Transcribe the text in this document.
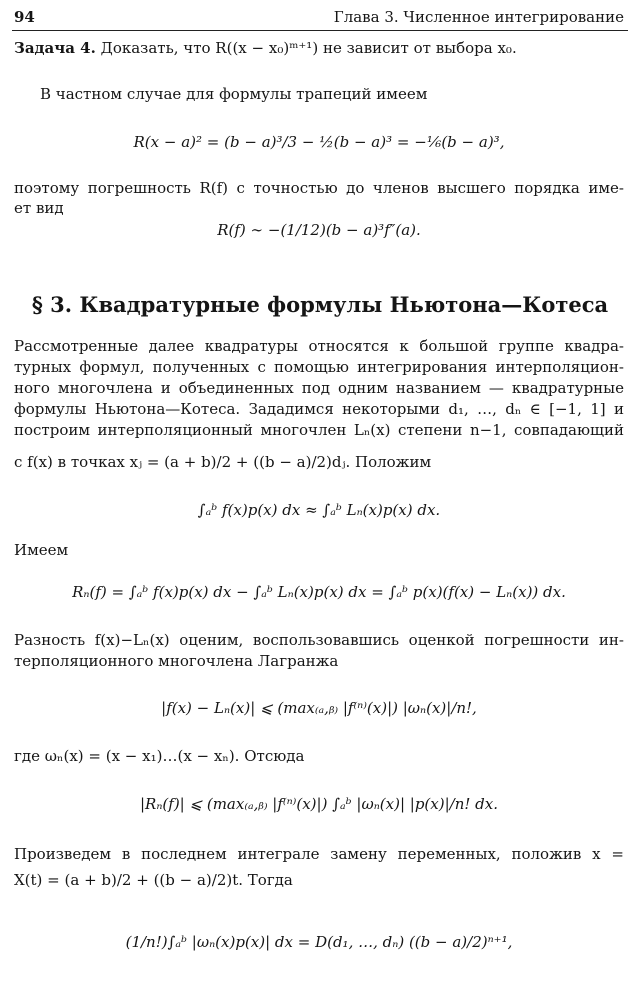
94	Глава 3. Численное интегрирование
Задача 4. Доказать, что R((x − x₀)ᵐ⁺¹) не зависит от выбора x₀.
В частном случае для формулы трапеций имеем
R(x − a)² = (b − a)³/3 − ½(b − a)³ = −⅙(b − a)³,
поэтому погрешность R(f) с точностью до членов высшего порядка име-
ет вид
R(f) ∼ −(1/12)(b − a)³f″(a).
§ 3. Квадратурные формулы Ньютона—Котеса
Рассмотренные далее квадратуры относятся к большой группе квадра-
турных формул, полученных с помощью интегрирования интерполяцион-
ного многочлена и объединенных под одним названием — квадратурные
формулы Ньютона—Котеса. Зададимся некоторыми d₁, …, dₙ ∈ [−1, 1] и
построим интерполяционный многочлен Lₙ(x) степени n−1, совпадающий
с f(x) в точках xⱼ = (a + b)/2 + ((b − a)/2)dⱼ. Положим
∫ₐᵇ f(x)p(x) dx ≈ ∫ₐᵇ Lₙ(x)p(x) dx.
Имеем
Rₙ(f) = ∫ₐᵇ f(x)p(x) dx − ∫ₐᵇ Lₙ(x)p(x) dx = ∫ₐᵇ p(x)(f(x) − Lₙ(x)) dx.
Разность f(x)−Lₙ(x) оценим, воспользовавшись оценкой погрешности ин-
терполяционного многочлена Лагранжа
|f(x) − Lₙ(x)| ⩽ (max₍ₐ,ᵦ₎ |f⁽ⁿ⁾(x)|) |ωₙ(x)|/n!,
где ωₙ(x) = (x − x₁)…(x − xₙ). Отсюда
|Rₙ(f)| ⩽ (max₍ₐ,ᵦ₎ |f⁽ⁿ⁾(x)|) ∫ₐᵇ |ωₙ(x)| |p(x)|/n! dx.
Произведем в последнем интеграле замену переменных, положив x =
X(t) = (a + b)/2 + ((b − a)/2)t. Тогда
(1/n!)∫ₐᵇ |ωₙ(x)p(x)| dx = D(d₁, …, dₙ) ((b − a)/2)ⁿ⁺¹,
